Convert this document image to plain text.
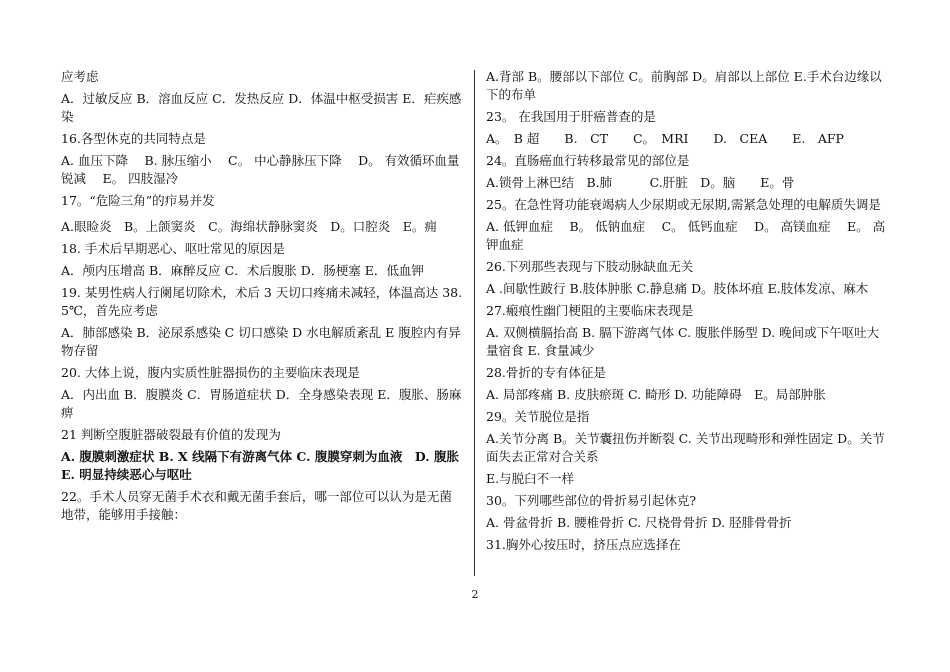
应考虑
A．过敏反应 B．溶血反应 C．发热反应 D．体温中枢受损害 E．疟疾感染
16.各型休克的共同特点是
A. 血压下降　 B. 脉压缩小　 C。 中心静脉压下降　 D。 有效循环血量锐减　 E。 四肢湿冷
17。“危险三角”的疖易并发
A.眼睑炎　B。上颌窦炎　C。海绵状静脉窦炎　D。口腔炎　E。痈
18. 手术后早期恶心、呕吐常见的原因是
A．颅内压增高 B．麻醉反应 C．术后腹胀 D．肠梗塞 E．低血钾
19. 某男性病人行阑尾切除术，术后 3 天切口疼痛未减轻，体温高达 38.5℃，首先应考虑
A．肺部感染 B．泌尿系感染 C 切口感染 D 水电解质紊乱 E 腹腔内有异物存留
20. 大体上说，腹内实质性脏器损伤的主要临床表现是
A．内出血 B．腹膜炎 C．胃肠道症状 D．全身感染表现 E．腹胀、肠麻痹
21 判断空腹脏器破裂最有价值的发现为
A. 腹膜刺激症状 B. X 线隔下有游离气体 C. 腹膜穿刺为血液　D. 腹胀　E. 明显持续恶心与呕吐
22。手术人员穿无菌手术衣和戴无菌手套后，哪一部位可以认为是无菌地带，能够用手接触：
A.背部 B。腰部以下部位 C。前胸部 D。肩部以上部位 E.手术台边缘以下的布单
23。 在我国用于肝癌普查的是
A。　B 超　　B.　CT　　C。　MRI　　D.　CEA　　E.　AFP
24。直肠癌血行转移最常见的部位是
A.锁骨上淋巴结　B.肺　　　C.肝脏　D。脑　　E。骨
25。在急性肾功能衰竭病人少尿期或无尿期,需紧急处理的电解质失调是
A. 低钾血症　 B。 低钠血症　 C。 低钙血症　 D。 高镁血症　 E。 高钾血症
26.下列那些表现与下肢动脉缺血无关
A .间歇性跛行 B.肢体肿胀 C.静息痛 D。肢体坏疽 E.肢体发凉、麻木
27.瘢痕性幽门梗阻的主要临床表现是
A. 双侧横膈抬高 B. 膈下游离气体 C. 腹胀伴肠型 D. 晚间或下午呕吐大量宿食 E. 食量减少
28.骨折的专有体征是
A. 局部疼痛 B. 皮肤瘀斑 C. 畸形 D. 功能障碍　E。局部肿胀
29。关节脱位是指
A.关节分离 B。关节囊扭伤并断裂 C. 关节出现畸形和弹性固定 D。关节面失去正常对合关系
E.与脱臼不一样
30。下列哪些部位的骨折易引起休克?
A. 骨盆骨折 B. 腰椎骨折 C. 尺桡骨骨折 D. 胫腓骨骨折
31.胸外心按压时，挤压点应选择在
2
